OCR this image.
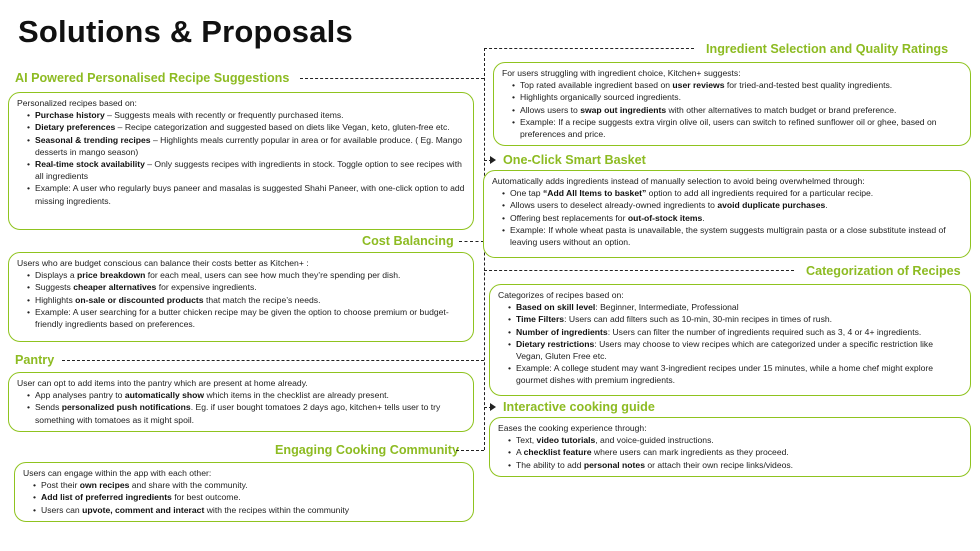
Solutions & Proposals
AI Powered Personalised Recipe Suggestions
Personalized recipes based on:
• Purchase history – Suggests meals with recently or frequently purchased items.
• Dietary preferences – Recipe categorization and suggested based on diets like Vegan, keto, gluten-free etc.
• Seasonal & trending recipes – Highlights meals currently popular in area or for available produce. ( Eg. Mango desserts in mango season)
• Real-time stock availability – Only suggests recipes with ingredients in stock. Toggle option to see recipes with all ingredients
• Example: A user who regularly buys paneer and masalas is suggested Shahi Paneer, with one-click option to add missing ingredients.
Cost Balancing
Users who are budget conscious can balance their costs better as Kitchen+ :
• Displays a price breakdown for each meal, users can see how much they’re spending per dish.
• Suggests cheaper alternatives for expensive ingredients.
• Highlights on-sale or discounted products that match the recipe’s needs.
• Example: A user searching for a butter chicken recipe may be given the option to choose premium or budget-friendly ingredients based on preferences.
Pantry
User can opt to add items into the pantry which are present at home already.
• App analyses pantry to automatically show which items in the checklist are already present.
• Sends personalized push notifications. Eg. if user bought tomatoes 2 days ago, kitchen+ tells user to try something with tomatoes as it might spoil.
Engaging Cooking Community
Users can engage within the app with each other:
• Post their own recipes and share with the community.
• Add list of preferred ingredients for best outcome.
• Users can upvote, comment and interact with the recipes within the community
Ingredient Selection and Quality Ratings
For users struggling with ingredient choice, Kitchen+ suggests:
• Top rated available ingredient based on user reviews for tried-and-tested best quality ingredients.
• Highlights organically sourced ingredients.
• Allows users to swap out ingredients with other alternatives to match budget or brand preference.
• Example: If a recipe suggests extra virgin olive oil, users can switch to refined sunflower oil or ghee, based on preferences and price.
One-Click Smart Basket
Automatically adds ingredients instead of manually selection to avoid being overwhelmed through:
• One tap “Add All Items to basket” option to add all ingredients required for a particular recipe.
• Allows users to deselect already-owned ingredients to avoid duplicate purchases.
• Offering best replacements for out-of-stock items.
• Example: If whole wheat pasta is unavailable, the system suggests multigrain pasta or a close substitute instead of leaving users without an option.
Categorization of Recipes
Categorizes of recipes based on:
• Based on skill level: Beginner, Intermediate, Professional
• Time Filters: Users can add filters such as 10-min, 30-min recipes in times of rush.
• Number of ingredients: Users can filter the number of ingredients required such as 3, 4 or 4+ ingredients.
• Dietary restrictions: Users may choose to view recipes which are categorized under a specific restriction like Vegan, Gluten Free etc.
• Example: A college student may want 3-ingredient recipes under 15 minutes, while a home chef might explore gourmet dishes with premium ingredients.
Interactive cooking guide
Eases the cooking experience through:
• Text, video tutorials, and voice-guided instructions.
• A checklist feature where users can mark ingredients as they proceed.
• The ability to add personal notes or attach their own recipe links/videos.
